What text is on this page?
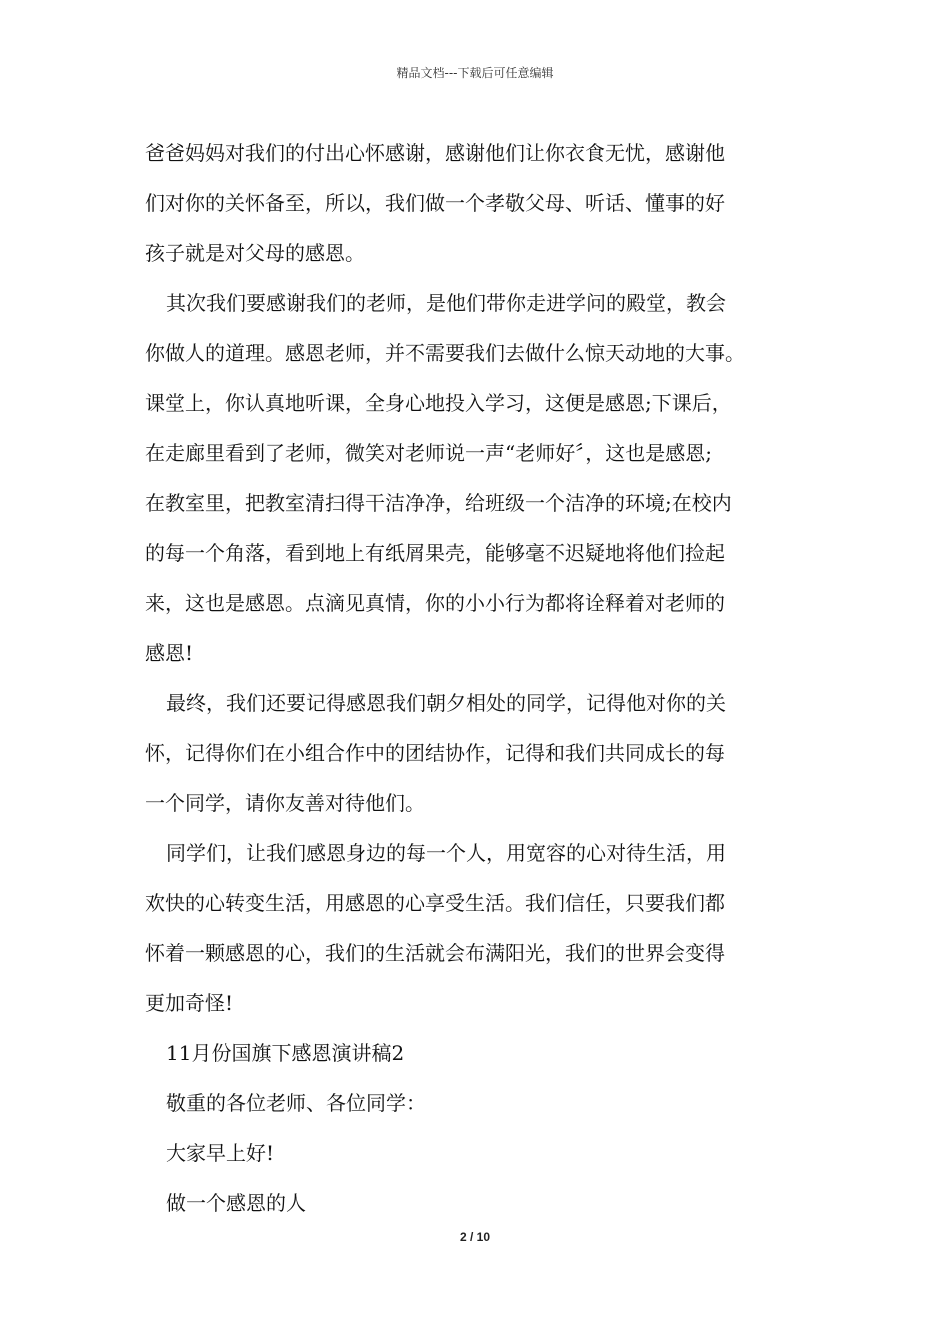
精品文档---下载后可任意编辑
爸爸妈妈对我们的付出心怀感谢，感谢他们让你衣食无忧，感谢他
们对你的关怀备至，所以，我们做一个孝敬父母、听话、懂事的好
孩子就是对父母的感恩。
其次我们要感谢我们的老师，是他们带你走进学问的殿堂，教会
你做人的道理。感恩老师，并不需要我们去做什么惊天动地的大事。
课堂上，你认真地听课，全身心地投入学习，这便是感恩;下课后，
在走廊里看到了老师，微笑对老师说一声“老师好〞，这也是感恩;
在教室里，把教室清扫得干洁净净，给班级一个洁净的环境;在校内
的每一个角落，看到地上有纸屑果壳，能够毫不迟疑地将他们捡起
来，这也是感恩。点滴见真情，你的小小行为都将诠释着对老师的
感恩!
最终，我们还要记得感恩我们朝夕相处的同学，记得他对你的关
怀，记得你们在小组合作中的团结协作，记得和我们共同成长的每
一个同学，请你友善对待他们。
同学们，让我们感恩身边的每一个人，用宽容的心对待生活，用
欢快的心转变生活，用感恩的心享受生活。我们信任，只要我们都
怀着一颗感恩的心，我们的生活就会布满阳光，我们的世界会变得
更加奇怪!
11月份国旗下感恩演讲稿2
敬重的各位老师、各位同学：
大家早上好!
做一个感恩的人
2 / 10
